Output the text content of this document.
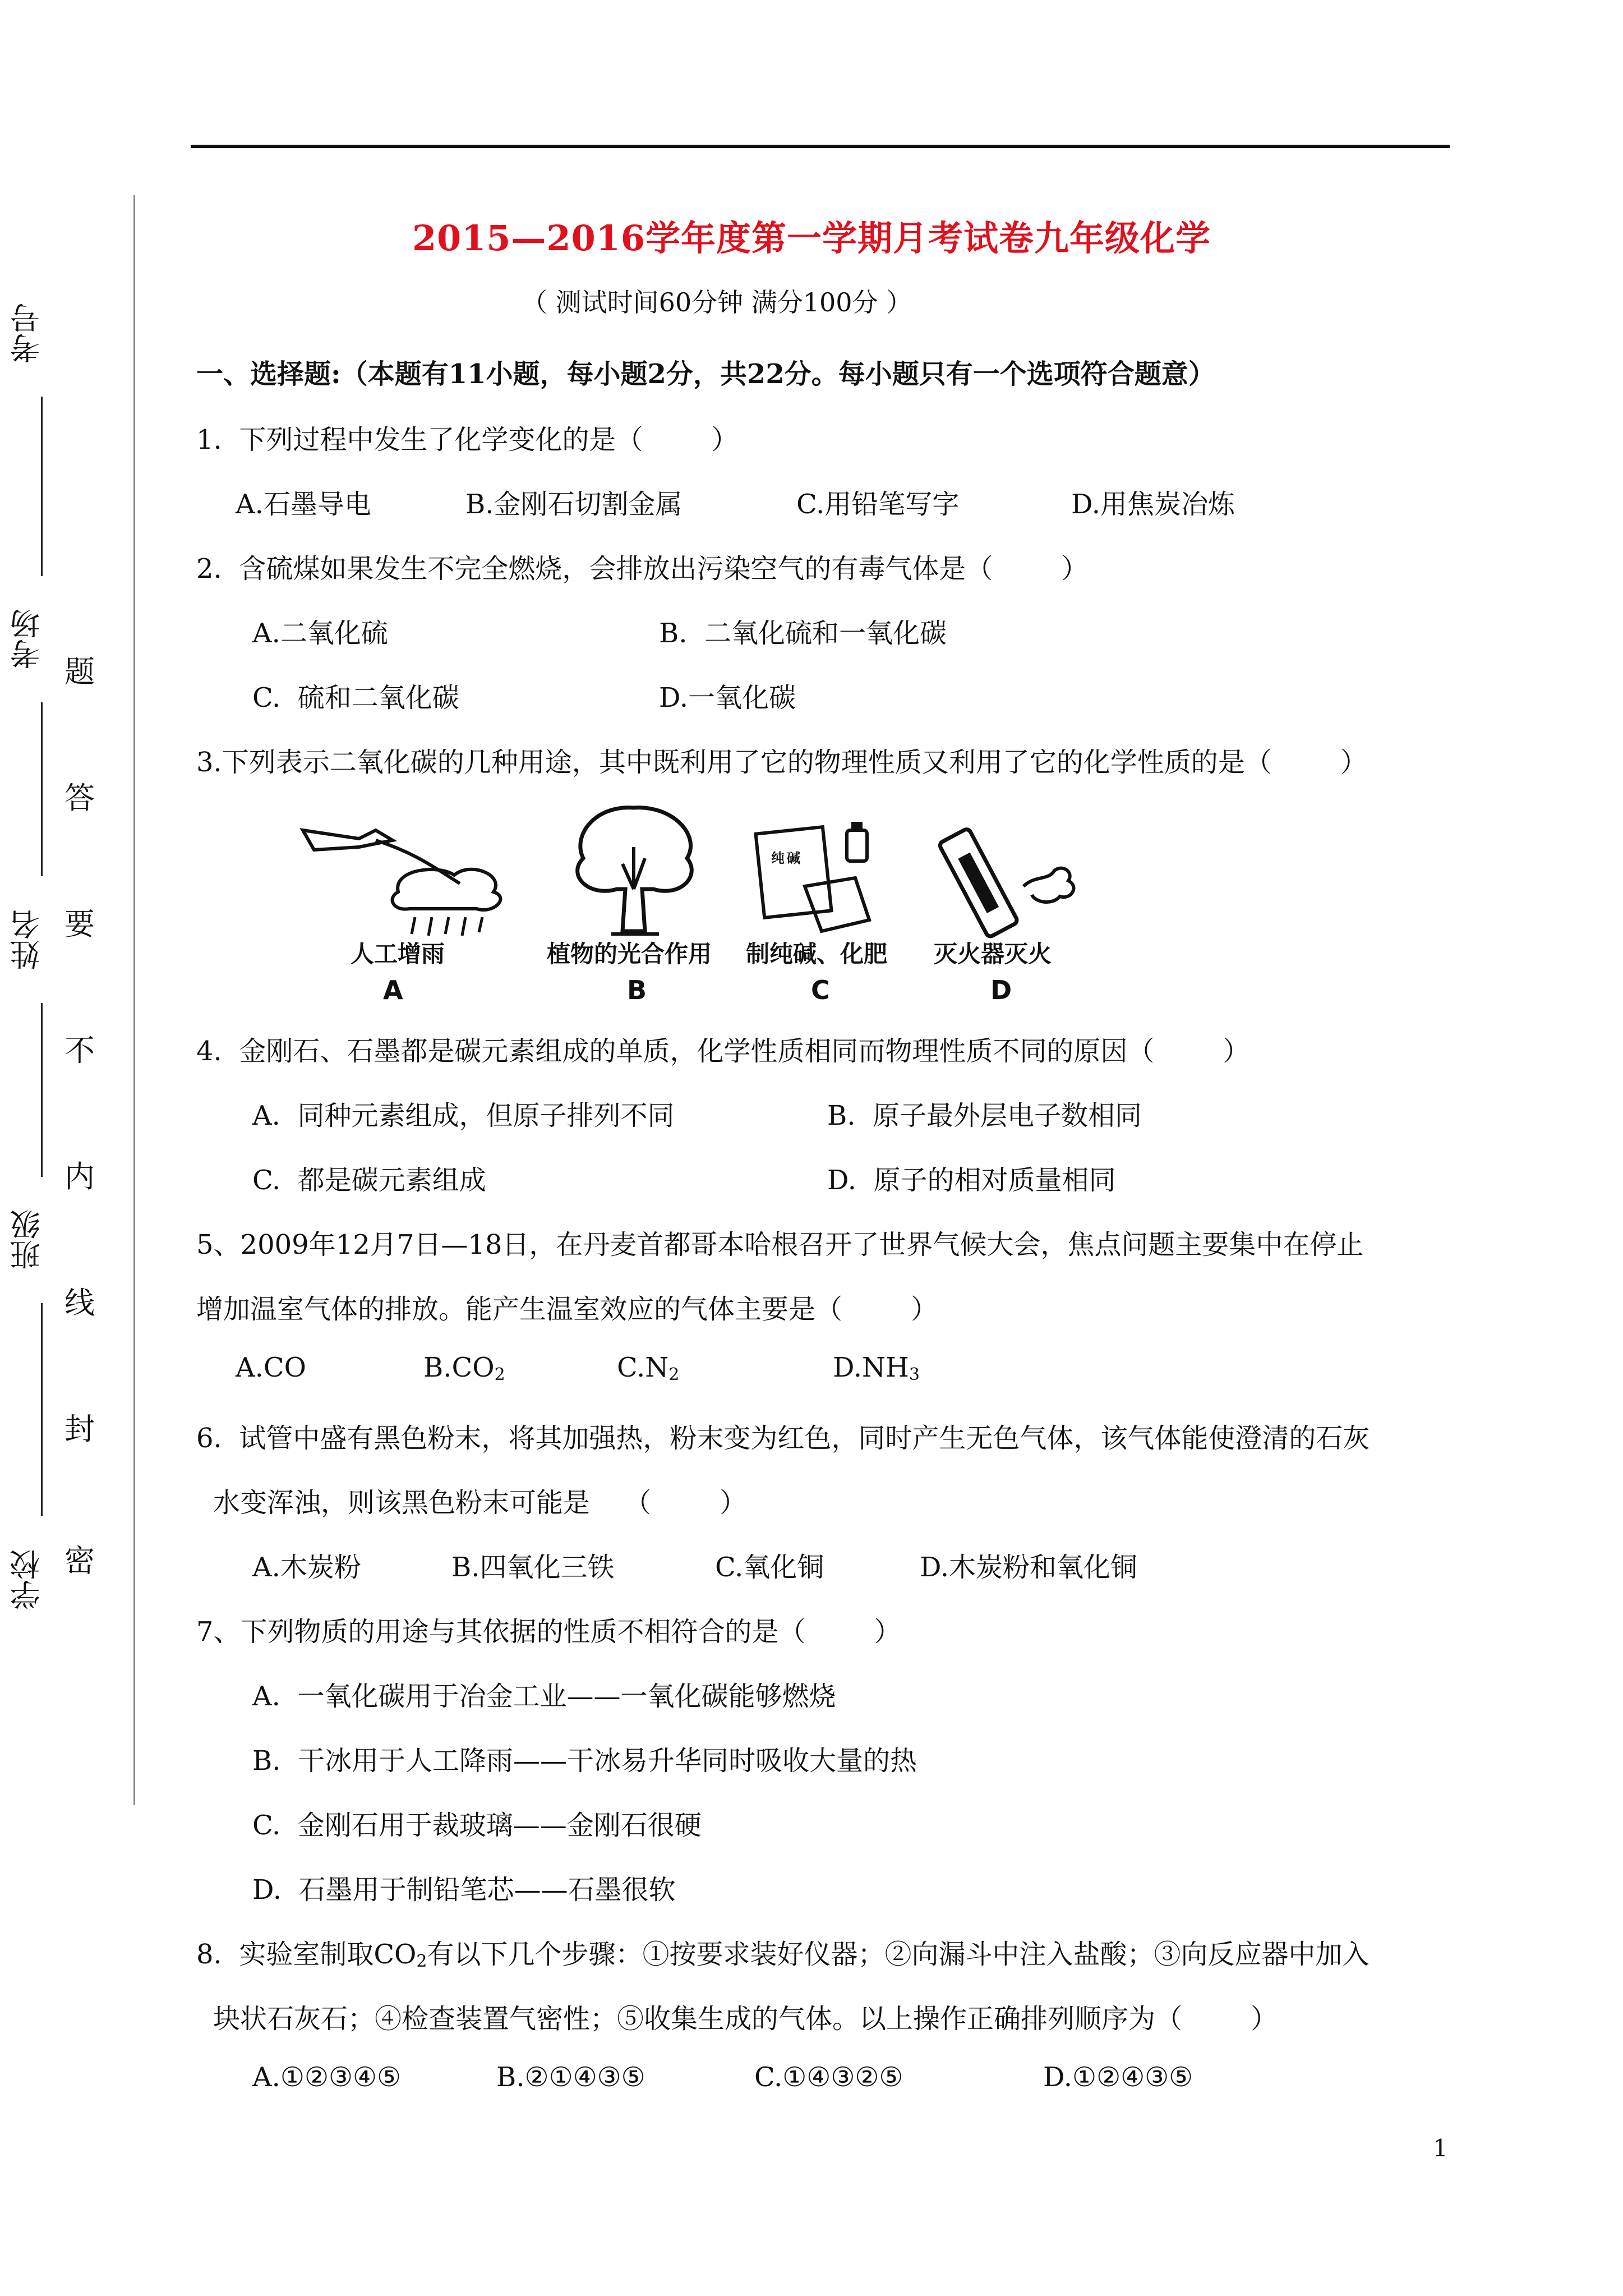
学校
班级
姓名
考场
考号
密
封
线
内
不
要
答
题
2015—2016学年度第一学期月考试卷九年级化学
（ 测试时间60分钟 满分100分 ）
一、选择题:（本题有11小题，每小题2分，共22分。每小题只有一个选项符合题意）
1.  下列过程中发生了化学变化的是（        ）
A.石墨导电	B.金刚石切割金属	C.用铅笔写字	D.用焦炭冶炼
2.  含硫煤如果发生不完全燃烧，会排放出污染空气的有毒气体是（        ）
A.二氧化硫	B.  二氧化硫和一氧化碳
C.  硫和二氧化碳	D.一氧化碳
3.下列表示二氧化碳的几种用途，其中既利用了它的物理性质又利用了它的化学性质的是（        ）
纯碱
人工增雨	植物的光合作用 制纯碱、化肥 灭火器灭火
A	B	C	D
4.  金刚石、石墨都是碳元素组成的单质，化学性质相同而物理性质不同的原因（        ）
A.  同种元素组成，但原子排列不同	B.  原子最外层电子数相同
C.  都是碳元素组成	D.  原子的相对质量相同
5、2009年12月7日—18日，在丹麦首都哥本哈根召开了世界气候大会，焦点问题主要集中在停止
增加温室气体的排放。能产生温室效应的气体主要是（        ）
A.CO	$B.CO_2$	$C.N_2$	$D.NH_3$
6.  试管中盛有黑色粉末，将其加强热，粉末变为红色，同时产生无色气体，该气体能使澄清的石灰
水变浑浊，则该黑色粉末可能是    （        ）
A.木炭粉	B.四氧化三铁	C.氧化铜	D.木炭粉和氧化铜
7、下列物质的用途与其依据的性质不相符合的是（        ）
A.  一氧化碳用于冶金工业——一氧化碳能够燃烧
B.  干冰用于人工降雨——干冰易升华同时吸收大量的热
C.  金刚石用于裁玻璃——金刚石很硬
D.  石墨用于制铅笔芯——石墨很软
8.  实验室制取$CO_2$有以下几个步骤：①按要求装好仪器；②向漏斗中注入盐酸；③向反应器中加入
块状石灰石；④检查装置气密性；⑤收集生成的气体。以上操作正确排列顺序为（        ）
A.①②③④⑤	B.②①④③⑤	C.①④③②⑤	D.①②④③⑤
1
